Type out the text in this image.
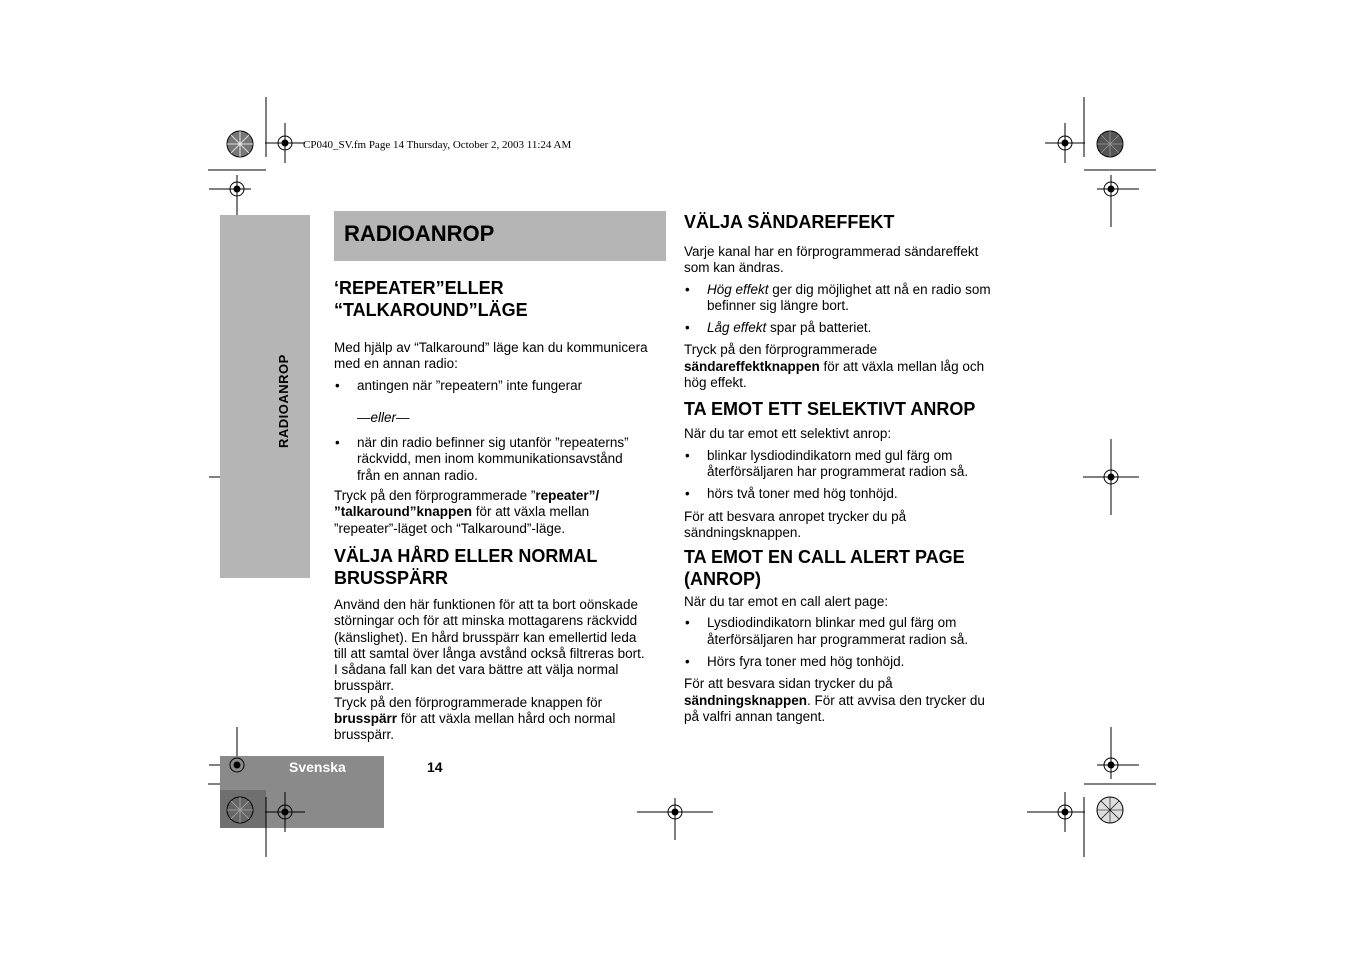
CP040_SV.fm Page 14 Thursday, October 2, 2003 11:24 AM
RADIOANROP
RADIOANROP
‘REPEATER”ELLER
“TALKAROUND”LÄGE

Med hjälp av “Talkaround” läge kan du kommunicera
med en annan radio:

• antingen när ”repeatern” inte fungerar

—eller—

• när din radio befinner sig utanför ”repeaterns”
räckvidd, men inom kommunikationsavstånd
från en annan radio.

Tryck på den förprogrammerade ”repeater”/
”talkaround”knappen för att växla mellan
”repeater”-läget och “Talkaround”-läge.

VÄLJA HÅRD ELLER NORMAL
BRUSSPÄRR

Använd den här funktionen för att ta bort oönskade
störningar och för att minska mottagarens räckvidd
(känslighet). En hård brusspärr kan emellertid leda
till att samtal över långa avstånd också filtreras bort.
I sådana fall kan det vara bättre att välja normal
brusspärr.

Tryck på den förprogrammerade knappen för
brusspärr för att växla mellan hård och normal
brusspärr.

VÄLJA SÄNDAREFFEKT

Varje kanal har en förprogrammerad sändareffekt
som kan ändras.

• Hög effekt ger dig möjlighet att nå en radio som
befinner sig längre bort.

• Låg effekt spar på batteriet.

Tryck på den förprogrammerade
sändareffektknappen för att växla mellan låg och
hög effekt.

TA EMOT ETT SELEKTIVT ANROP

När du tar emot ett selektivt anrop:

• blinkar lysdiodindikatorn med gul färg om
återförsäljaren har programmerat radion så.

• hörs två toner med hög tonhöjd.

För att besvara anropet trycker du på
sändningsknappen.

TA EMOT EN CALL ALERT PAGE
(ANROP)

När du tar emot en call alert page:

• Lysdiodindikatorn blinkar med gul färg om
återförsäljaren har programmerat radion så.

• Hörs fyra toner med hög tonhöjd.

För att besvara sidan trycker du på
sändningsknappen. För att avvisa den trycker du
på valfri annan tangent.

Svenska	14
